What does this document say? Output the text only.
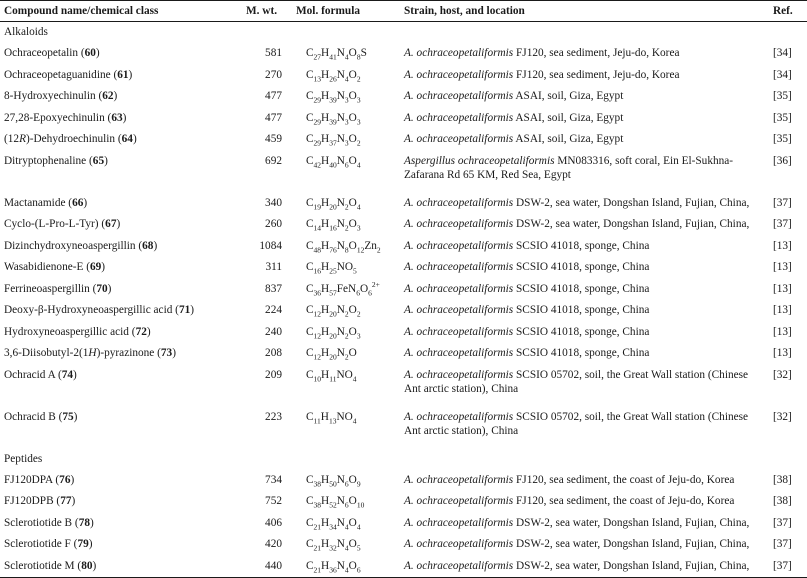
Compound name/chemical class	M. wt.	Mol. formula	Strain, host, and location	Ref.
Alkaloids				
Ochraceopetalin (60)	581	$C_{27}H_{41}N_4O_8S$	A. ochraceopetaliformis FJ120, sea sediment, Jeju-do, Korea	[34]
Ochraceopetaguanidine (61)	270	$C_{13}H_{26}N_4O_2$	A. ochraceopetaliformis FJ120, sea sediment, Jeju-do, Korea	[34]
8-Hydroxyechinulin (62)	477	$C_{29}H_{39}N_3O_3$	A. ochraceopetaliformis ASAI, soil, Giza, Egypt	[35]
27,28-Epoxyechinulin (63)	477	$C_{29}H_{39}N_3O_3$	A. ochraceopetaliformis ASAI, soil, Giza, Egypt	[35]
(12R)-Dehydroechinulin (64)	459	$C_{29}H_{37}N_3O_2$	A. ochraceopetaliformis ASAI, soil, Giza, Egypt	[35]
Ditryptophenaline (65)	692	$C_{42}H_{40}N_6O_4$	Aspergillus ochraceopetaliformis MN083316, soft coral, Ein El-Sukhna-Zafarana Rd 65 KM, Red Sea, Egypt	[36]
Mactanamide (66)	340	$C_{19}H_{20}N_2O_4$	A. ochraceopetaliformis DSW-2, sea water, Dongshan Island, Fujian, China,	[37]
Cyclo-(L-Pro-L-Tyr) (67)	260	$C_{14}H_{16}N_2O_3$	A. ochraceopetaliformis DSW-2, sea water, Dongshan Island, Fujian, China,	[37]
Dizinchydroxyneoaspergillin (68)	1084	$C_{48}H_{76}N_8O_{12}Zn_2$	A. ochraceopetaliformis SCSIO 41018, sponge, China	[13]
Wasabidienone-E (69)	311	$C_{16}H_{25}NO_5$	A. ochraceopetaliformis SCSIO 41018, sponge, China	[13]
Ferrineoaspergillin (70)	837	$C_{36}H_{57}FeN_6O_6^{2+}$	A. ochraceopetaliformis SCSIO 41018, sponge, China	[13]
Deoxy-β-Hydroxyneoaspergillic acid (71)	224	$C_{12}H_{20}N_2O_2$	A. ochraceopetaliformis SCSIO 41018, sponge, China	[13]
Hydroxyneoaspergillic acid (72)	240	$C_{12}H_{20}N_2O_3$	A. ochraceopetaliformis SCSIO 41018, sponge, China	[13]
3,6-Diisobutyl-2(1H)-pyrazinone (73)	208	$C_{12}H_{20}N_2O$	A. ochraceopetaliformis SCSIO 41018, sponge, China	[13]
Ochracid A (74)	209	$C_{10}H_{11}NO_4$	A. ochraceopetaliformis SCSIO 05702, soil, the Great Wall station (Chinese Ant arctic station), China	[32]
Ochracid B (75)	223	$C_{11}H_{13}NO_4$	A. ochraceopetaliformis SCSIO 05702, soil, the Great Wall station (Chinese Ant arctic station), China	[32]
Peptides				
FJ120DPA (76)	734	$C_{38}H_{50}N_6O_9$	A. ochraceopetaliformis FJ120, sea sediment, the coast of Jeju-do, Korea	[38]
FJ120DPB (77)	752	$C_{38}H_{52}N_6O_{10}$	A. ochraceopetaliformis FJ120, sea sediment, the coast of Jeju-do, Korea	[38]
Sclerotiotide B (78)	406	$C_{21}H_{34}N_4O_4$	A. ochraceopetaliformis DSW-2, sea water, Dongshan Island, Fujian, China,	[37]
Sclerotiotide F (79)	420	$C_{21}H_{32}N_4O_5$	A. ochraceopetaliformis DSW-2, sea water, Dongshan Island, Fujian, China,	[37]
Sclerotiotide M (80)	440	$C_{21}H_{36}N_4O_6$	A. ochraceopetaliformis DSW-2, sea water, Dongshan Island, Fujian, China,	[37]
